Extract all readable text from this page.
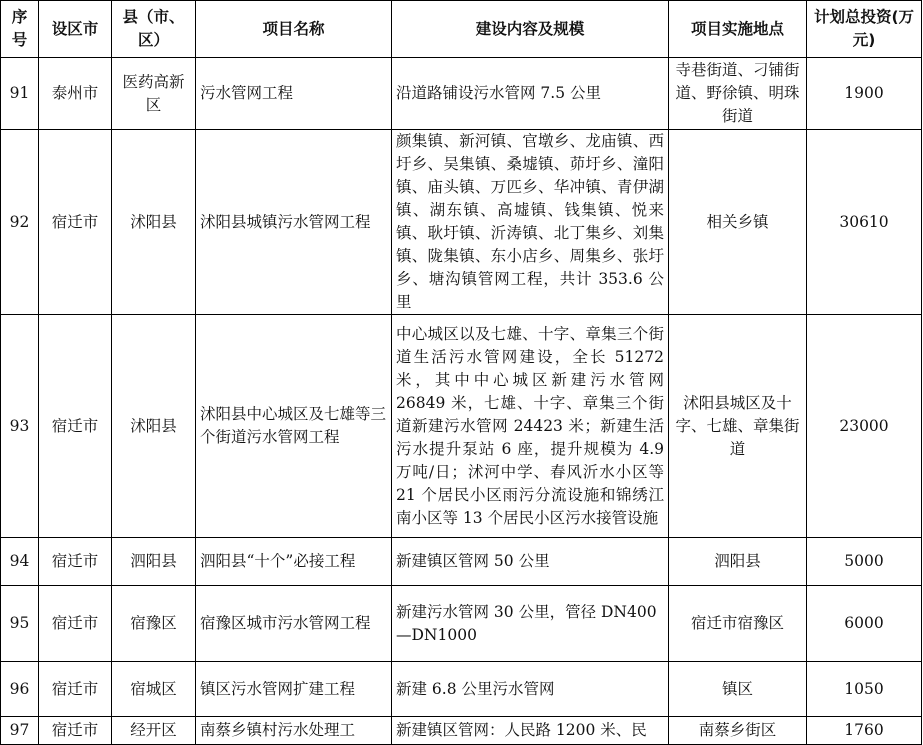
序号	设区市	县（市、区）	项目名称	建设内容及规模	项目实施地点	计划总投资(万元)
91	泰州市	医药高新区	污水管网工程	沿道路铺设污水管网 7.5 公里	寺巷街道、刁铺街道、野徐镇、明珠街道	1900
92	宿迁市	沭阳县	沭阳县城镇污水管网工程	颜集镇、新河镇、官墩乡、龙庙镇、西圩乡、吴集镇、桑墟镇、茆圩乡、潼阳镇、庙头镇、万匹乡、华冲镇、青伊湖镇、湖东镇、高墟镇、钱集镇、悦来镇、耿圩镇、沂涛镇、北丁集乡、刘集镇、陇集镇、东小店乡、周集乡、张圩乡、塘沟镇管网工程，共计 353.6 公里	相关乡镇	30610
93	宿迁市	沭阳县	沭阳县中心城区及七雄等三个街道污水管网工程	中心城区以及七雄、十字、章集三个街道生活污水管网建设，全长 51272 米，其中中心城区新建污水管网 26849 米，七雄、十字、章集三个街道新建污水管网 24423 米；新建生活污水提升泵站 6 座，提升规模为 4.9 万吨/日；沭河中学、春风沂水小区等 21 个居民小区雨污分流设施和锦绣江南小区等 13 个居民小区污水接管设施	沭阳县城区及十字、七雄、章集街道	23000
94	宿迁市	泗阳县	泗阳县“十个”必接工程	新建镇区管网 50 公里	泗阳县	5000
95	宿迁市	宿豫区	宿豫区城市污水管网工程	新建污水管网 30 公里，管径 DN400—DN1000	宿迁市宿豫区	6000
96	宿迁市	宿城区	镇区污水管网扩建工程	新建 6.8 公里污水管网	镇区	1050
97	宿迁市	经开区	南蔡乡镇村污水处理工	新建镇区管网：人民路 1200 米、民	南蔡乡街区	1760
